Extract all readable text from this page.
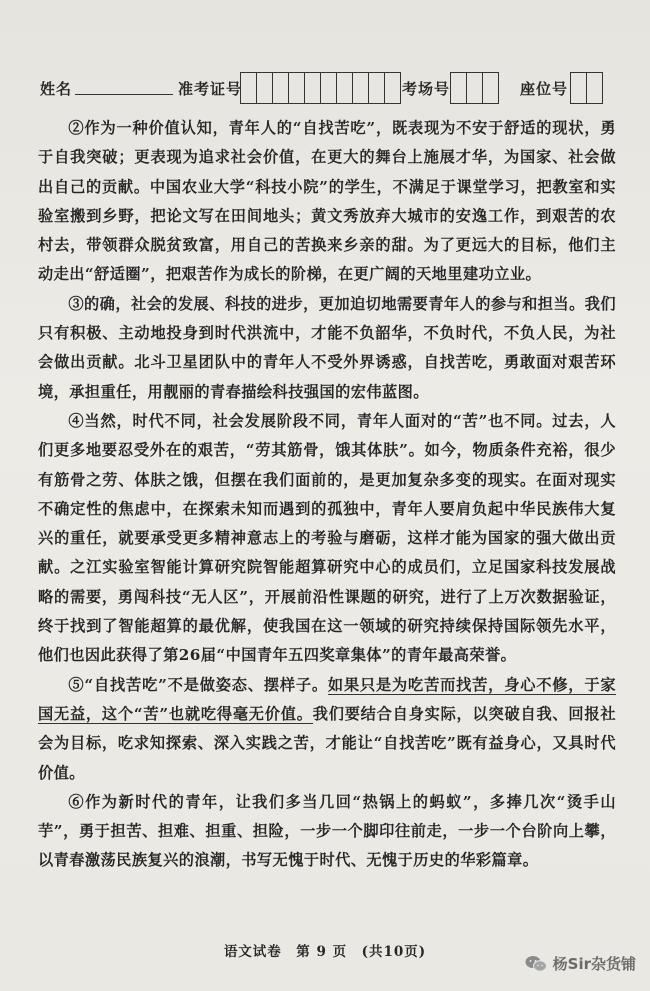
姓名	准考证号	考场号	座位号

②作为一种价值认知，青年人的“自找苦吃”，既表现为不安于舒适的现状，勇于自我突破；更表现为追求社会价值，在更大的舞台上施展才华，为国家、社会做出自己的贡献。中国农业大学“科技小院”的学生，不满足于课堂学习，把教室和实验室搬到乡野，把论文写在田间地头；黄文秀放弃大城市的安逸工作，到艰苦的农村去，带领群众脱贫致富，用自己的苦换来乡亲的甜。为了更远大的目标，他们主动走出“舒适圈”，把艰苦作为成长的阶梯，在更广阔的天地里建功立业。

③的确，社会的发展、科技的进步，更加迫切地需要青年人的参与和担当。我们只有积极、主动地投身到时代洪流中，才能不负韶华，不负时代，不负人民，为社会做出贡献。北斗卫星团队中的青年人不受外界诱惑，自找苦吃，勇敢面对艰苦环境，承担重任，用靓丽的青春描绘科技强国的宏伟蓝图。

④当然，时代不同，社会发展阶段不同，青年人面对的“苦”也不同。过去，人们更多地要忍受外在的艰苦，“劳其筋骨，饿其体肤”。如今，物质条件充裕，很少有筋骨之劳、体肤之饿，但摆在我们面前的，是更加复杂多变的现实。在面对现实不确定性的焦虑中，在探索未知而遇到的孤独中，青年人要肩负起中华民族伟大复兴的重任，就要承受更多精神意志上的考验与磨砺，这样才能为国家的强大做出贡献。之江实验室智能计算研究院智能超算研究中心的成员们，立足国家科技发展战略的需要，勇闯科技“无人区”，开展前沿性课题的研究，进行了上万次数据验证，终于找到了智能超算的最优解，使我国在这一领域的研究持续保持国际领先水平，他们也因此获得了第26届“中国青年五四奖章集体”的青年最高荣誉。

⑤“自找苦吃”不是做姿态、摆样子。如果只是为吃苦而找苦，身心不修，于家国无益，这个“苦”也就吃得毫无价值。我们要结合自身实际，以突破自我、回报社会为目标，吃求知探索、深入实践之苦，才能让“自找苦吃”既有益身心，又具时代价值。

⑥作为新时代的青年，让我们多当几回“热锅上的蚂蚁”，多捧几次“烫手山芋”，勇于担苦、担难、担重、担险，一步一个脚印往前走，一步一个台阶向上攀，以青春激荡民族复兴的浪潮，书写无愧于时代、无愧于历史的华彩篇章。

语文试卷　第 9 页　(共10页)
杨Sir杂货铺
